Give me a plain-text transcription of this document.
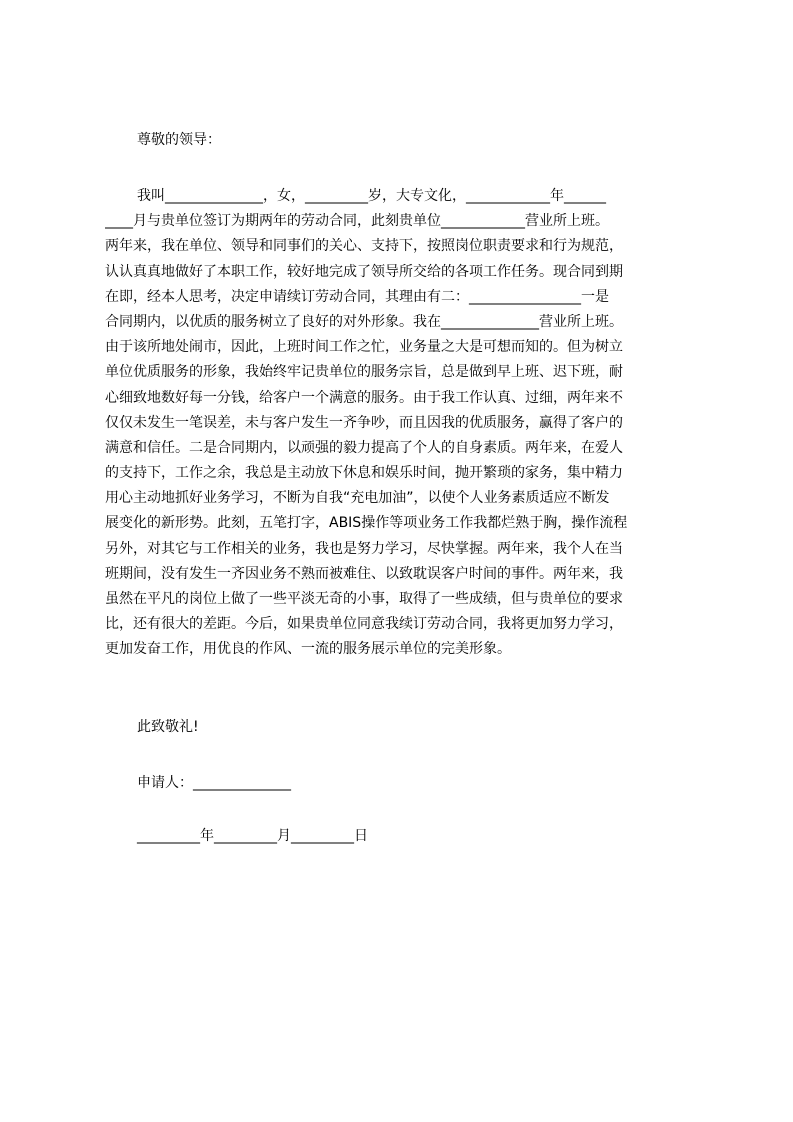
尊敬的领导：
我叫______________，女，_________岁，大专文化，____________年______
____月与贵单位签订为期两年的劳动合同，此刻贵单位____________营业所上班。
两年来，我在单位、领导和同事们的关心、支持下，按照岗位职责要求和行为规范，
认认真真地做好了本职工作，较好地完成了领导所交给的各项工作任务。现合同到期
在即，经本人思考，决定申请续订劳动合同，其理由有二：________________一是
合同期内，以优质的服务树立了良好的对外形象。我在______________营业所上班。
由于该所地处闹市，因此，上班时间工作之忙，业务量之大是可想而知的。但为树立
单位优质服务的形象，我始终牢记贵单位的服务宗旨，总是做到早上班、迟下班，耐
心细致地数好每一分钱，给客户一个满意的服务。由于我工作认真、过细，两年来不
仅仅未发生一笔误差，未与客户发生一齐争吵，而且因我的优质服务，赢得了客户的
满意和信任。二是合同期内，以顽强的毅力提高了个人的自身素质。两年来，在爱人
的支持下，工作之余，我总是主动放下休息和娱乐时间，抛开繁琐的家务，集中精力
用心主动地抓好业务学习，不断为自我“充电加油”，以使个人业务素质适应不断发
展变化的新形势。此刻，五笔打字，ABIS操作等项业务工作我都烂熟于胸，操作流程
另外，对其它与工作相关的业务，我也是努力学习，尽快掌握。两年来，我个人在当
班期间，没有发生一齐因业务不熟而被难住、以致耽误客户时间的事件。两年来，我
虽然在平凡的岗位上做了一些平淡无奇的小事，取得了一些成绩，但与贵单位的要求
比，还有很大的差距。今后，如果贵单位同意我续订劳动合同，我将更加努力学习，
更加发奋工作，用优良的作风、一流的服务展示单位的完美形象。
此致敬礼!
申请人：______________
_________年_________月_________日
